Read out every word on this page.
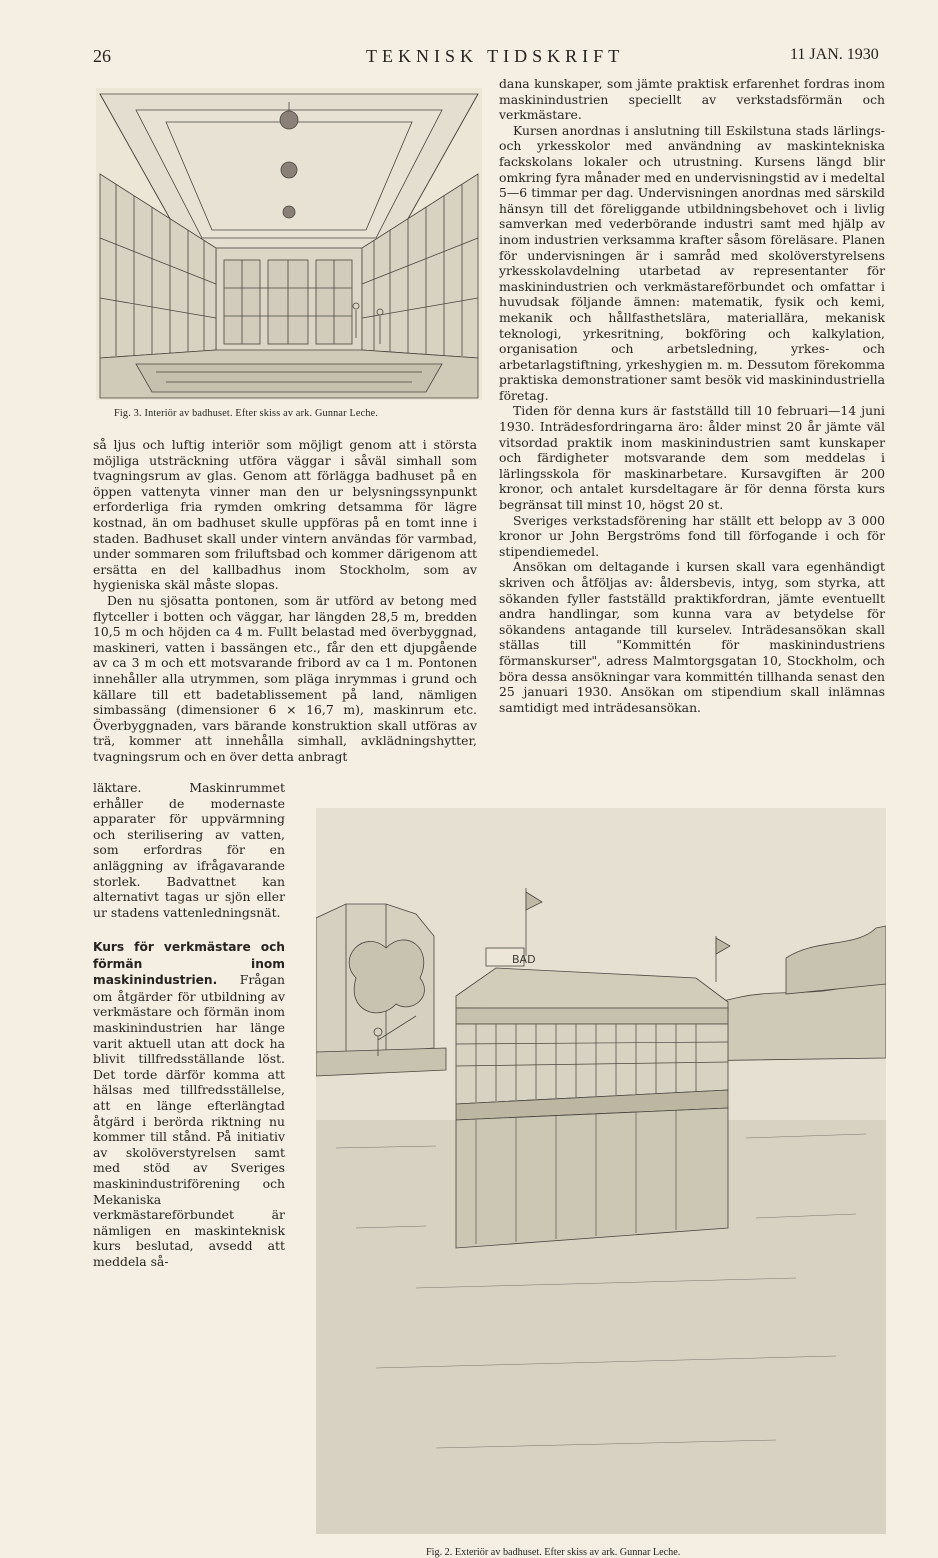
26	TEKNISK TIDSKRIFT	11 JAN. 1930
Fig. 3. Interiör av badhuset. Efter skiss av ark. Gunnar Leche.

så ljus och luftig interiör som möjligt genom att i största möjliga utsträckning utföra väggar i såväl simhall som tvagningsrum av glas. Genom att förlägga badhuset på en öppen vattenyta vinner man den ur belysningssynpunkt erforderliga fria rymden omkring detsamma för lägre kostnad, än om badhuset skulle uppföras på en tomt inne i staden. Badhuset skall under vintern användas för varmbad, under sommaren som friluftsbad och kommer därigenom att ersätta en del kallbadhus inom Stockholm, som av hygieniska skäl måste slopas.

Den nu sjösatta pontonen, som är utförd av betong med flytceller i botten och väggar, har längden 28,5 m, bredden 10,5 m och höjden ca 4 m. Fullt belastad med överbyggnad, maskineri, vatten i bassängen etc., får den ett djupgående av ca 3 m och ett motsvarande fribord av ca 1 m. Pontonen innehåller alla utrymmen, som pläga inrymmas i grund och källare till ett badetablissement på land, nämligen simbassäng (dimensioner 6 × 16,7 m), maskinrum etc. Överbyggnaden, vars bärande konstruktion skall utföras av trä, kommer att innehålla simhall, avklädningshytter, tvagningsrum och en över detta anbragt

läktare. Maskinrummet erhåller de modernaste apparater för uppvärmning och sterilisering av vatten, som erfordras för en anläggning av ifrågavarande storlek. Badvattnet kan alternativt tagas ur sjön eller ur stadens vattenledningsnät.

Kurs för verkmästare och förmän inom maskinindustrien. Frågan om åtgärder för utbildning av verkmästare och förmän inom maskinindustrien har länge varit aktuell utan att dock ha blivit tillfredsställande löst. Det torde därför komma att hälsas med tillfredsställelse, att en länge efterlängtad åtgärd i berörda riktning nu kommer till stånd. På initiativ av skolöverstyrelsen samt med stöd av Sveriges maskinindustriförening och Mekaniska verkmästareförbundet är nämligen en maskinteknisk kurs beslutad, avsedd att meddela så-

dana kunskaper, som jämte praktisk erfarenhet fordras inom maskinindustrien speciellt av verkstadsförmän och verkmästare.

Kursen anordnas i anslutning till Eskilstuna stads lärlings- och yrkesskolor med användning av maskintekniska fackskolans lokaler och utrustning. Kursens längd blir omkring fyra månader med en undervisningstid av i medeltal 5—6 timmar per dag. Undervisningen anordnas med särskild hänsyn till det föreliggande utbildningsbehovet och i livlig samverkan med vederbörande industri samt med hjälp av inom industrien verksamma krafter såsom föreläsare. Planen för undervisningen är i samråd med skolöverstyrelsens yrkesskolavdelning utarbetad av representanter för maskinindustrien och verkmästareförbundet och omfattar i huvudsak följande ämnen: matematik, fysik och kemi, mekanik och hållfasthetslära, materiallära, mekanisk teknologi, yrkesritning, bokföring och kalkylation, organisation och arbetsledning, yrkes- och arbetarlagstiftning, yrkeshygien m. m. Dessutom förekomma praktiska demonstrationer samt besök vid maskinindustriella företag.

Tiden för denna kurs är fastställd till 10 februari—14 juni 1930. Inträdesfordringarna äro: ålder minst 20 år jämte väl vitsordad praktik inom maskinindustrien samt kunskaper och färdigheter motsvarande dem som meddelas i lärlingsskola för maskinarbetare. Kursavgiften är 200 kronor, och antalet kursdeltagare är för denna första kurs begränsat till minst 10, högst 20 st.

Sveriges verkstadsförening har ställt ett belopp av 3 000 kronor ur John Bergströms fond till förfogande i och för stipendiemedel.

Ansökan om deltagande i kursen skall vara egenhändigt skriven och åtföljas av: åldersbevis, intyg, som styrka, att sökanden fyller fastställd praktikfordran, jämte eventuellt andra handlingar, som kunna vara av betydelse för sökandens antagande till kurselev. Inträdesansökan skall ställas till "Kommittén för maskinindustriens förmanskurser", adress Malmtorgsgatan 10, Stockholm, och böra dessa ansökningar vara kommittén tillhanda senast den 25 januari 1930. Ansökan om stipendium skall inlämnas samtidigt med inträdesansökan.

BAD
Fig. 2. Exteriör av badhuset. Efter skiss av ark. Gunnar Leche.
